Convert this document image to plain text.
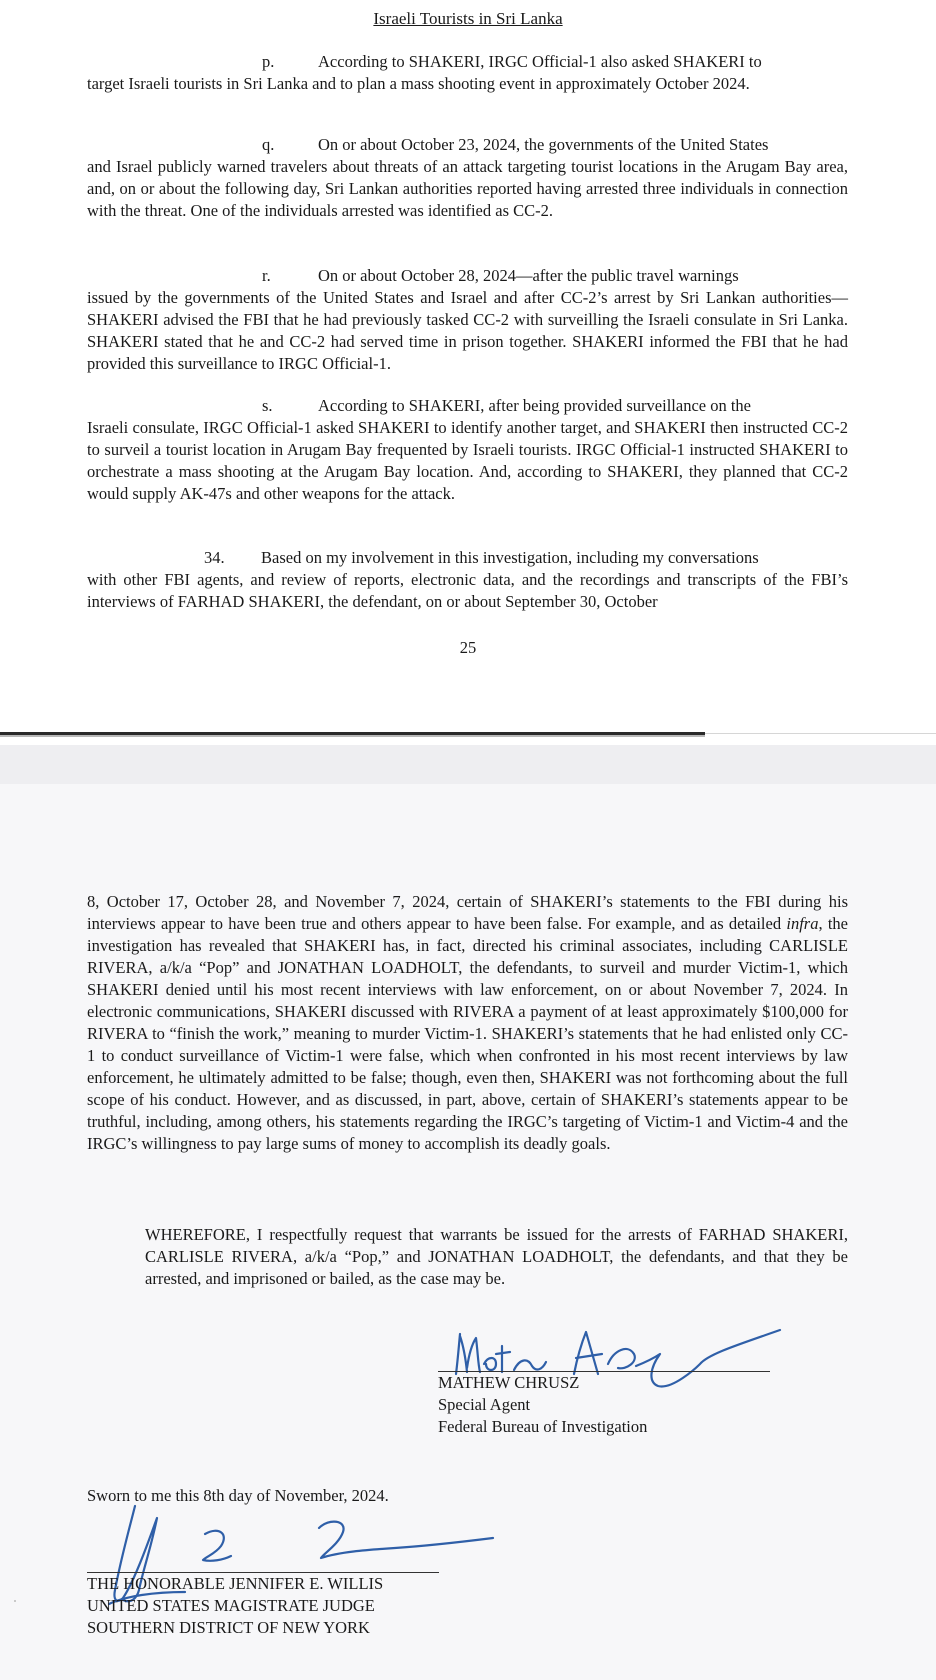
Israeli Tourists in Sri Lanka
p.	According to SHAKERI, IRGC Official-1 also asked SHAKERI to
target Israeli tourists in Sri Lanka and to plan a mass shooting event in approximately October 2024.
q.	On or about October 23, 2024, the governments of the United States
and Israel publicly warned travelers about threats of an attack targeting tourist locations in the Arugam Bay area, and, on or about the following day, Sri Lankan authorities reported having arrested three individuals in connection with the threat. One of the individuals arrested was identified as CC-2.
r.	On or about October 28, 2024—after the public travel warnings
issued by the governments of the United States and Israel and after CC-2’s arrest by Sri Lankan authorities—SHAKERI advised the FBI that he had previously tasked CC-2 with surveilling the Israeli consulate in Sri Lanka. SHAKERI stated that he and CC-2 had served time in prison together. SHAKERI informed the FBI that he had provided this surveillance to IRGC Official-1.
s.	According to SHAKERI, after being provided surveillance on the
Israeli consulate, IRGC Official-1 asked SHAKERI to identify another target, and SHAKERI then instructed CC-2 to surveil a tourist location in Arugam Bay frequented by Israeli tourists. IRGC Official-1 instructed SHAKERI to orchestrate a mass shooting at the Arugam Bay location. And, according to SHAKERI, they planned that CC-2 would supply AK-47s and other weapons for the attack.
34. Based on my involvement in this investigation, including my conversations
with other FBI agents, and review of reports, electronic data, and the recordings and transcripts of the FBI’s interviews of FARHAD SHAKERI, the defendant, on or about September 30, October
25
8, October 17, October 28, and November 7, 2024, certain of SHAKERI’s statements to the FBI during his interviews appear to have been true and others appear to have been false. For example, and as detailed infra, the investigation has revealed that SHAKERI has, in fact, directed his criminal associates, including CARLISLE RIVERA, a/k/a “Pop” and JONATHAN LOADHOLT, the defendants, to surveil and murder Victim-1, which SHAKERI denied until his most recent interviews with law enforcement, on or about November 7, 2024. In electronic communications, SHAKERI discussed with RIVERA a payment of at least approximately $100,000 for RIVERA to “finish the work,” meaning to murder Victim-1. SHAKERI’s statements that he had enlisted only CC-1 to conduct surveillance of Victim-1 were false, which when confronted in his most recent interviews by law enforcement, he ultimately admitted to be false; though, even then, SHAKERI was not forthcoming about the full scope of his conduct. However, and as discussed, in part, above, certain of SHAKERI’s statements appear to be truthful, including, among others, his statements regarding the IRGC’s targeting of Victim-1 and Victim-4 and the IRGC’s willingness to pay large sums of money to accomplish its deadly goals.
WHEREFORE, I respectfully request that warrants be issued for the arrests of FARHAD SHAKERI, CARLISLE RIVERA, a/k/a “Pop,” and JONATHAN LOADHOLT, the defendants, and that they be arrested, and imprisoned or bailed, as the case may be.
MATHEW CHRUSZ
Special Agent
Federal Bureau of Investigation
Sworn to me this 8th day of November, 2024.
THE HONORABLE JENNIFER E. WILLIS
UNITED STATES MAGISTRATE JUDGE
SOUTHERN DISTRICT OF NEW YORK
